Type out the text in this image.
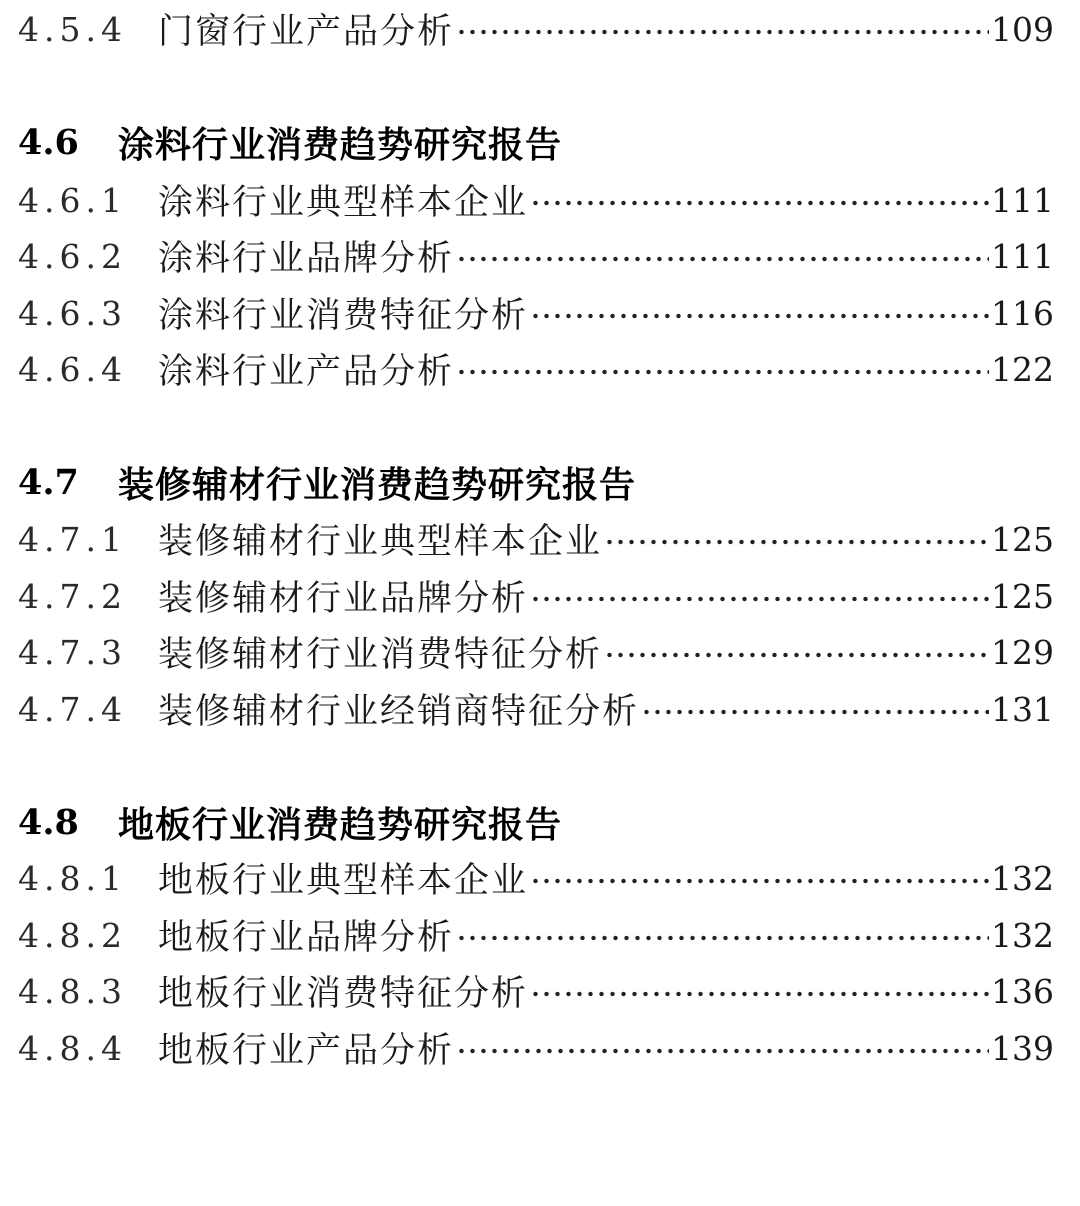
4.5.4 门窗行业产品分析	109
4.6	涂料行业消费趋势研究报告
4.6.1 涂料行业典型样本企业	111
4.6.2 涂料行业品牌分析	111
4.6.3 涂料行业消费特征分析	116
4.6.4 涂料行业产品分析	122
4.7	装修辅材行业消费趋势研究报告
4.7.1 装修辅材行业典型样本企业	125
4.7.2 装修辅材行业品牌分析	125
4.7.3 装修辅材行业消费特征分析	129
4.7.4 装修辅材行业经销商特征分析	131
4.8	地板行业消费趋势研究报告
4.8.1 地板行业典型样本企业	132
4.8.2 地板行业品牌分析	132
4.8.3 地板行业消费特征分析	136
4.8.4 地板行业产品分析	139
